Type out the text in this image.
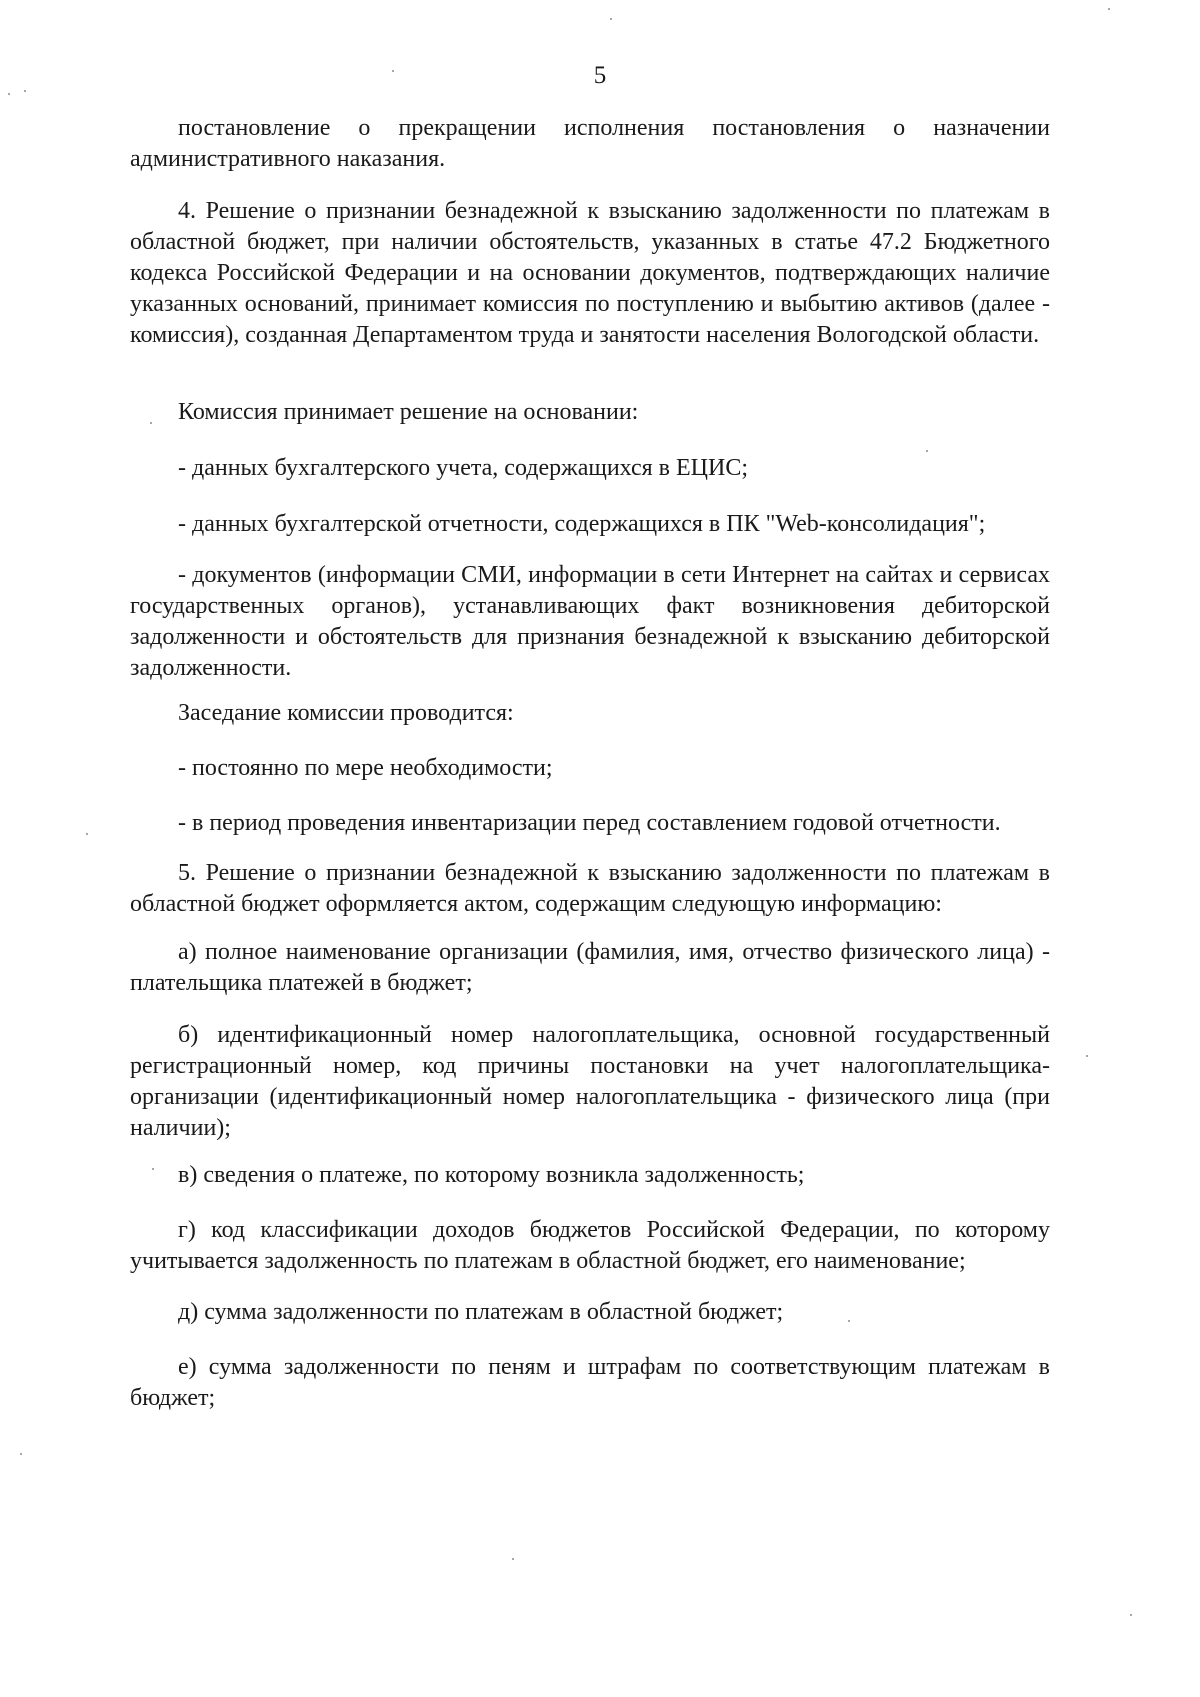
5

постановление о прекращении исполнения постановления о назначении административного наказания.

4. Решение о признании безнадежной к взысканию задолженности по платежам в областной бюджет, при наличии обстоятельств, указанных в статье 47.2 Бюджетного кодекса Российской Федерации и на основании документов, подтверждающих наличие указанных оснований, принимает комиссия по поступлению и выбытию активов (далее - комиссия), созданная Департаментом труда и занятости населения Вологодской области.

Комиссия принимает решение на основании:

- данных бухгалтерского учета, содержащихся в ЕЦИС;

- данных бухгалтерской отчетности, содержащихся в ПК "Web-консолидация";

- документов (информации СМИ, информации в сети Интернет на сайтах и сервисах государственных органов), устанавливающих факт возникновения дебиторской задолженности и обстоятельств для признания безнадежной к взысканию дебиторской задолженности.

Заседание комиссии проводится:

- постоянно по мере необходимости;

- в период проведения инвентаризации перед составлением годовой отчетности.

5. Решение о признании безнадежной к взысканию задолженности по платежам в областной бюджет оформляется актом, содержащим следующую информацию:

а) полное наименование организации (фамилия, имя, отчество физического лица) - плательщика платежей в бюджет;

б) идентификационный номер налогоплательщика, основной государственный регистрационный номер, код причины постановки на учет налогоплательщика-организации (идентификационный номер налогоплательщика - физического лица (при наличии);

в) сведения о платеже, по которому возникла задолженность;

г) код классификации доходов бюджетов Российской Федерации, по которому учитывается задолженность по платежам в областной бюджет, его наименование;

д) сумма задолженности по платежам в областной бюджет;

е) сумма задолженности по пеням и штрафам по соответствующим платежам в бюджет;
